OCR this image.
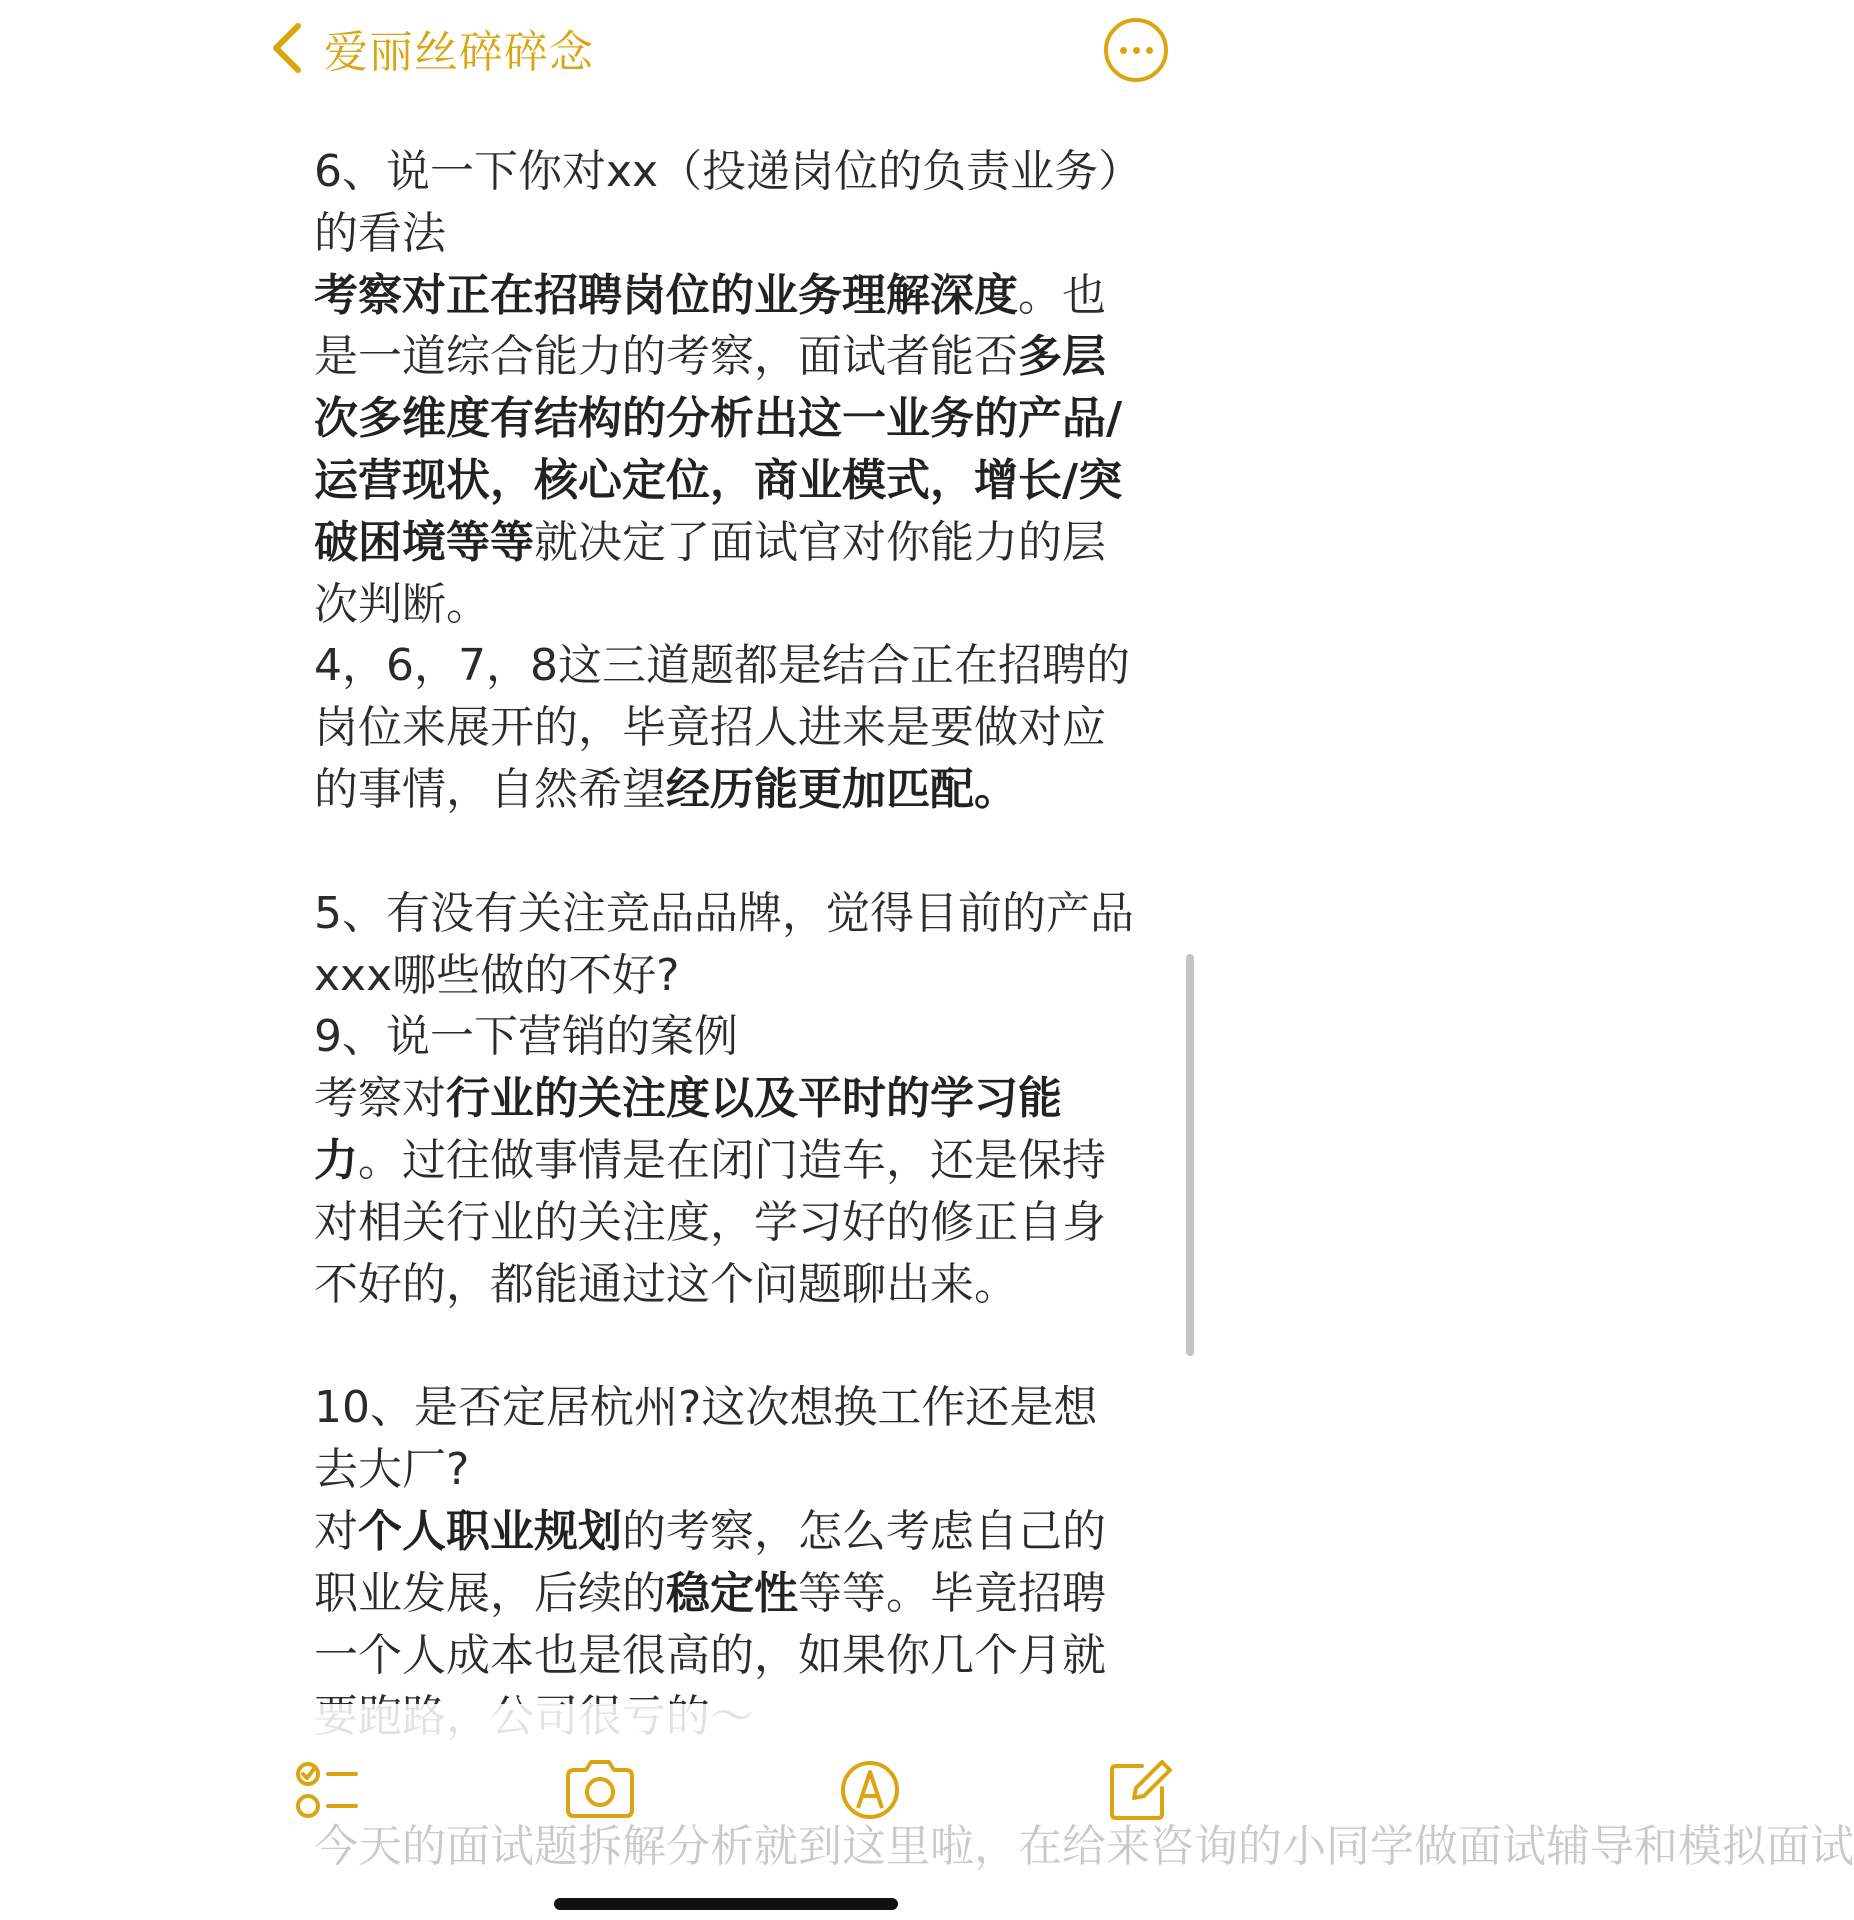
爱丽丝碎碎念

6、说一下你对xx（投递岗位的负责业务）的看法

考察对正在招聘岗位的业务理解深度。也是一道综合能力的考察，面试者能否多层次多维度有结构的分析出这一业务的产品/运营现状，核心定位，商业模式，增长/突破困境等等就决定了面试官对你能力的层次判断。

4，6，7，8这三道题都是结合正在招聘的岗位来展开的，毕竟招人进来是要做对应的事情，自然希望经历能更加匹配。

5、有没有关注竞品品牌，觉得目前的产品xxx哪些做的不好?

9、说一下营销的案例

考察对行业的关注度以及平时的学习能力。过往做事情是在闭门造车，还是保持对相关行业的关注度，学习好的修正自身不好的，都能通过这个问题聊出来。

10、是否定居杭州?这次想换工作还是想去大厂?

对个人职业规划的考察，怎么考虑自己的职业发展，后续的稳定性等等。毕竟招聘一个人成本也是很高的，如果你几个月就

今天的面试题拆解分析就到这里啦，在给来咨询的小同学做面试辅导和模拟面试
